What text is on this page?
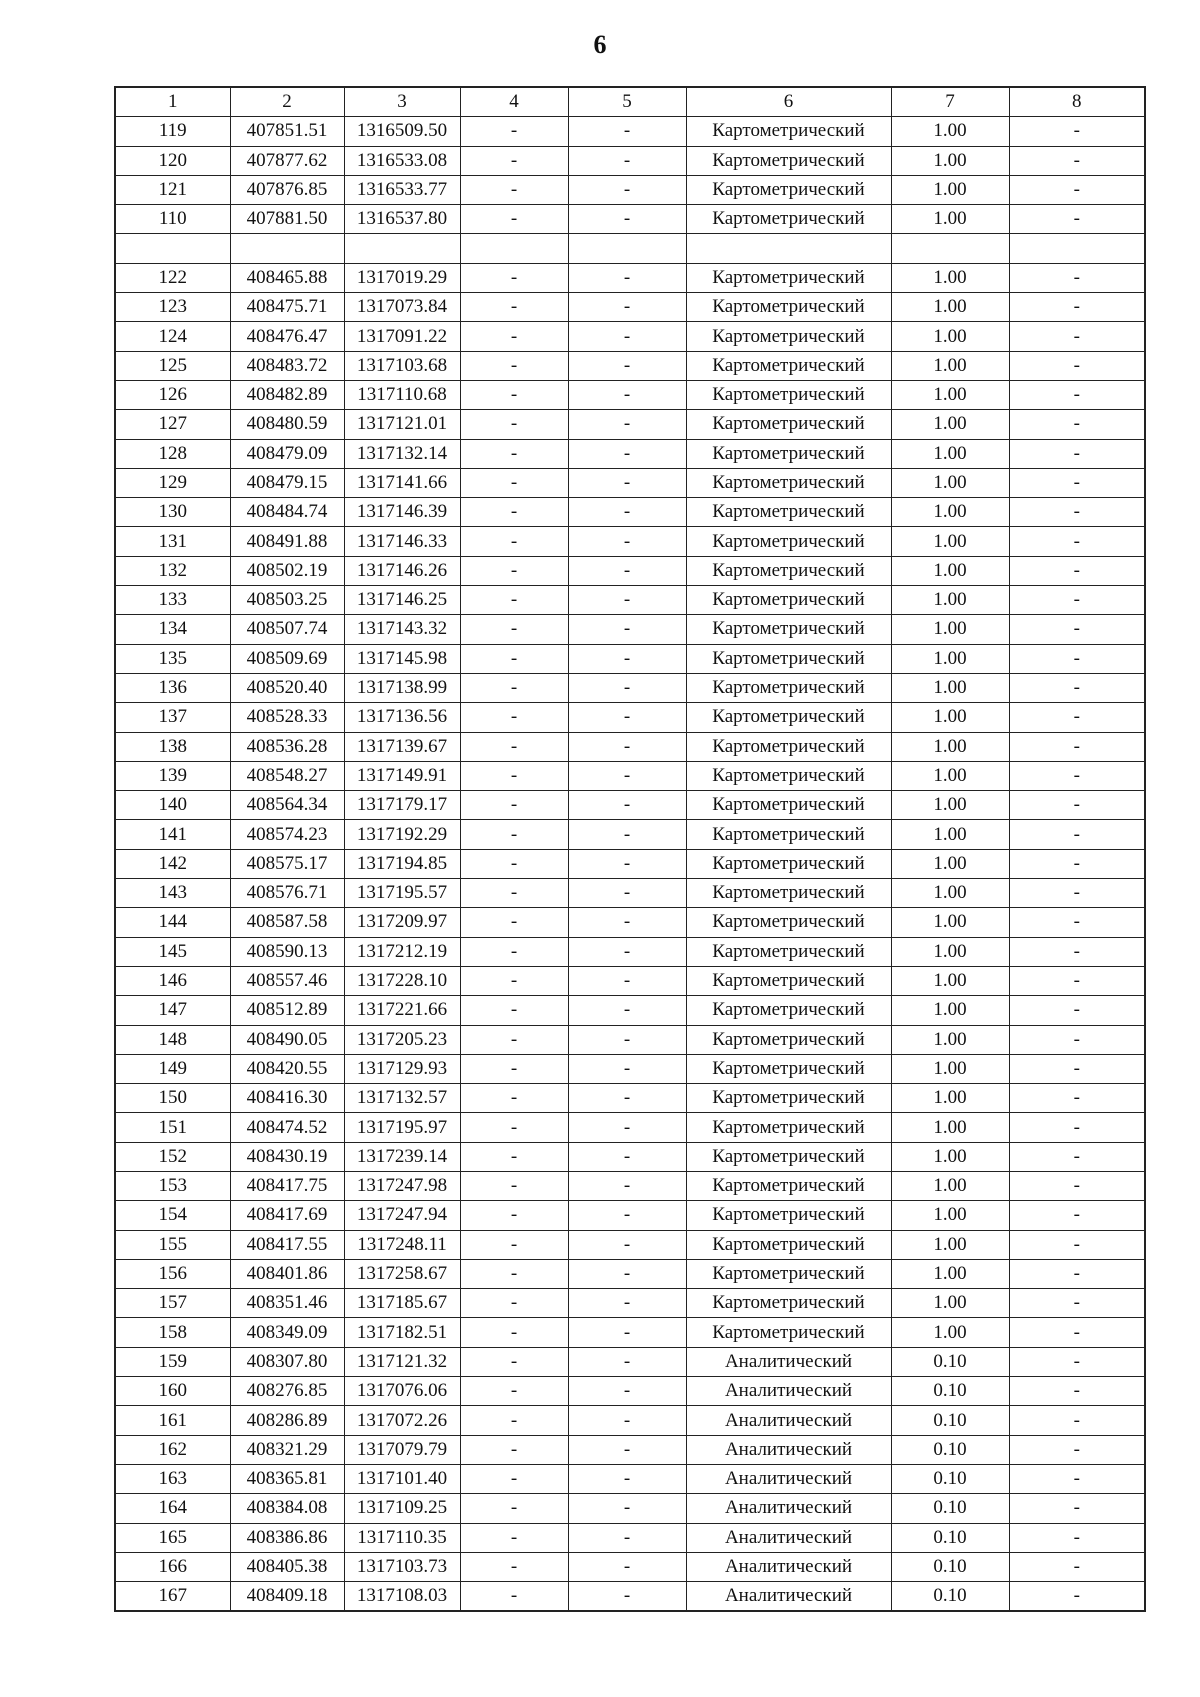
6
1	2	3	4	5	6	7	8
119	407851.51	1316509.50	-	-	Картометрический	1.00	-
120	407877.62	1316533.08	-	-	Картометрический	1.00	-
121	407876.85	1316533.77	-	-	Картометрический	1.00	-
110	407881.50	1316537.80	-	-	Картометрический	1.00	-

122	408465.88	1317019.29	-	-	Картометрический	1.00	-
123	408475.71	1317073.84	-	-	Картометрический	1.00	-
124	408476.47	1317091.22	-	-	Картометрический	1.00	-
125	408483.72	1317103.68	-	-	Картометрический	1.00	-
126	408482.89	1317110.68	-	-	Картометрический	1.00	-
127	408480.59	1317121.01	-	-	Картометрический	1.00	-
128	408479.09	1317132.14	-	-	Картометрический	1.00	-
129	408479.15	1317141.66	-	-	Картометрический	1.00	-
130	408484.74	1317146.39	-	-	Картометрический	1.00	-
131	408491.88	1317146.33	-	-	Картометрический	1.00	-
132	408502.19	1317146.26	-	-	Картометрический	1.00	-
133	408503.25	1317146.25	-	-	Картометрический	1.00	-
134	408507.74	1317143.32	-	-	Картометрический	1.00	-
135	408509.69	1317145.98	-	-	Картометрический	1.00	-
136	408520.40	1317138.99	-	-	Картометрический	1.00	-
137	408528.33	1317136.56	-	-	Картометрический	1.00	-
138	408536.28	1317139.67	-	-	Картометрический	1.00	-
139	408548.27	1317149.91	-	-	Картометрический	1.00	-
140	408564.34	1317179.17	-	-	Картометрический	1.00	-
141	408574.23	1317192.29	-	-	Картометрический	1.00	-
142	408575.17	1317194.85	-	-	Картометрический	1.00	-
143	408576.71	1317195.57	-	-	Картометрический	1.00	-
144	408587.58	1317209.97	-	-	Картометрический	1.00	-
145	408590.13	1317212.19	-	-	Картометрический	1.00	-
146	408557.46	1317228.10	-	-	Картометрический	1.00	-
147	408512.89	1317221.66	-	-	Картометрический	1.00	-
148	408490.05	1317205.23	-	-	Картометрический	1.00	-
149	408420.55	1317129.93	-	-	Картометрический	1.00	-
150	408416.30	1317132.57	-	-	Картометрический	1.00	-
151	408474.52	1317195.97	-	-	Картометрический	1.00	-
152	408430.19	1317239.14	-	-	Картометрический	1.00	-
153	408417.75	1317247.98	-	-	Картометрический	1.00	-
154	408417.69	1317247.94	-	-	Картометрический	1.00	-
155	408417.55	1317248.11	-	-	Картометрический	1.00	-
156	408401.86	1317258.67	-	-	Картометрический	1.00	-
157	408351.46	1317185.67	-	-	Картометрический	1.00	-
158	408349.09	1317182.51	-	-	Картометрический	1.00	-
159	408307.80	1317121.32	-	-	Аналитический	0.10	-
160	408276.85	1317076.06	-	-	Аналитический	0.10	-
161	408286.89	1317072.26	-	-	Аналитический	0.10	-
162	408321.29	1317079.79	-	-	Аналитический	0.10	-
163	408365.81	1317101.40	-	-	Аналитический	0.10	-
164	408384.08	1317109.25	-	-	Аналитический	0.10	-
165	408386.86	1317110.35	-	-	Аналитический	0.10	-
166	408405.38	1317103.73	-	-	Аналитический	0.10	-
167	408409.18	1317108.03	-	-	Аналитический	0.10	-
